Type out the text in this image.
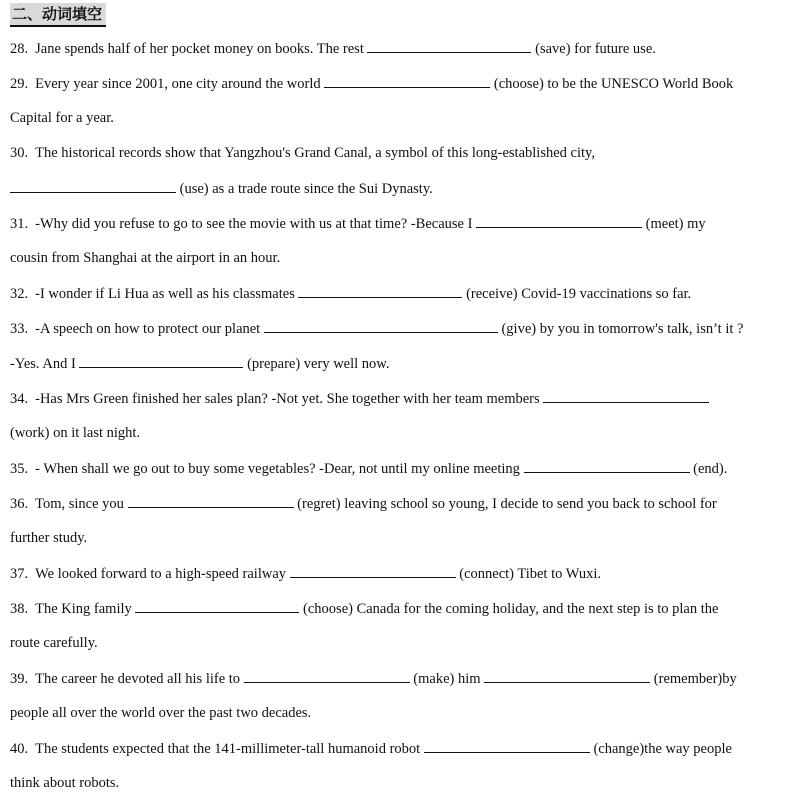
二、动词填空
28. Jane spends half of her pocket money on books. The rest	(save) for future use.
29. Every year since 2001, one city around the world	(choose) to be the UNESCO World Book
Capital for a year.
30. The historical records show that Yangzhou's Grand Canal, a symbol of this long-established city,
(use) as a trade route since the Sui Dynasty.
31. -Why did you refuse to go to see the movie with us at that time? -Because I	(meet) my
cousin from Shanghai at the airport in an hour.
32. -I wonder if Li Hua as well as his classmates	(receive) Covid-19 vaccinations so far.
33. -A speech on how to protect our planet	(give) by you in tomorrow's talk, isn’t it ?
-Yes. And I	(prepare) very well now.
34. -Has Mrs Green finished her sales plan? -Not yet. She together with her team members
(work) on it last night.
35. - When shall we go out to buy some vegetables? -Dear, not until my online meeting	(end).
36. Tom, since you	(regret) leaving school so young, I decide to send you back to school for
further study.
37. We looked forward to a high-speed railway	(connect) Tibet to Wuxi.
38. The King family	(choose) Canada for the coming holiday, and the next step is to plan the
route carefully.
39. The career he devoted all his life to	(make) him	(remember)by
people all over the world over the past two decades.
40. The students expected that the 141-millimeter-tall humanoid robot	(change)the way people
think about robots.
